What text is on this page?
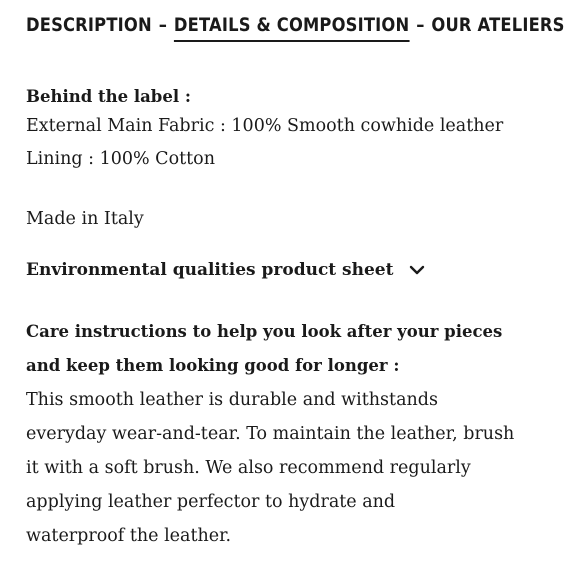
DESCRIPTION – DETAILS & COMPOSITION – OUR ATELIERS
Behind the label :
External Main Fabric : 100% Smooth cowhide leather
Lining : 100% Cotton
Made in Italy
Environmental qualities product sheet
Care instructions to help you look after your pieces
and keep them looking good for longer :
This smooth leather is durable and withstands
everyday wear-and-tear. To maintain the leather, brush
it with a soft brush. We also recommend regularly
applying leather perfector to hydrate and
waterproof the leather.
